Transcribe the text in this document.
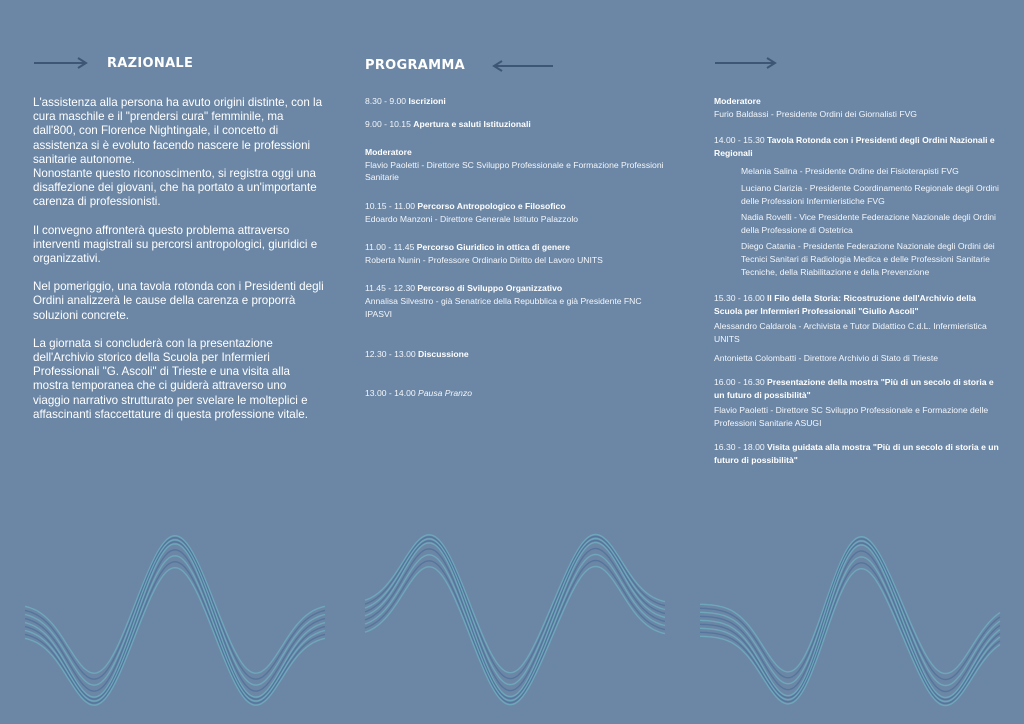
RAZIONALE	PROGRAMMA

L'assistenza alla persona ha avuto origini distinte, con la cura maschile e il "prendersi cura" femminile, ma dall'800, con Florence Nightingale, il concetto di assistenza si è evoluto facendo nascere le professioni sanitarie autonome.

Nonostante questo riconoscimento, si registra oggi una disaffezione dei giovani, che ha portato a un'importante carenza di professionisti.

Il convegno affronterà questo problema attraverso interventi magistrali su percorsi antropologici, giuridici e organizzativi.

Nel pomeriggio, una tavola rotonda con i Presidenti degli Ordini analizzerà le cause della carenza e proporrà soluzioni concrete.

La giornata si concluderà con la presentazione dell'Archivio storico della Scuola per Infermieri Professionali "G. Ascoli" di Trieste e una visita alla mostra temporanea che ci guiderà attraverso uno viaggio narrativo strutturato per svelare le molteplici e affascinanti sfaccettature di questa professione vitale.

8.30 - 9.00 Iscrizioni
9.00 - 10.15 Apertura e saluti Istituzionali
Moderatore
Flavio Paoletti - Direttore SC Sviluppo Professionale e Formazione Professioni Sanitarie
10.15 - 11.00 Percorso Antropologico e Filosofico
Edoardo Manzoni - Direttore Generale Istituto Palazzolo
11.00 - 11.45 Percorso Giuridico in ottica di genere
Roberta Nunin - Professore Ordinario Diritto del Lavoro UNITS
11.45 - 12.30 Percorso di Sviluppo Organizzativo
Annalisa Silvestro - già Senatrice della Repubblica e già Presidente FNC IPASVI
12.30 - 13.00 Discussione
13.00 - 14.00 Pausa Pranzo
Moderatore
Furio Baldassi - Presidente Ordini dei Giornalisti FVG
14.00 - 15.30 Tavola Rotonda con i Presidenti degli Ordini Nazionali e Regionali
Melania Salina - Presidente Ordine dei Fisioterapisti FVG
Luciano Clarizia - Presidente Coordinamento Regionale degli Ordini delle Professioni Infermieristiche FVG
Nadia Rovelli - Vice Presidente Federazione Nazionale degli Ordini della Professione di Ostetrica
Diego Catania - Presidente Federazione Nazionale degli Ordini dei Tecnici Sanitari di Radiologia Medica e delle Professioni Sanitarie Tecniche, della Riabilitazione e della Prevenzione
15.30 - 16.00 Il Filo della Storia: Ricostruzione dell'Archivio della Scuola per Infermieri Professionali "Giulio Ascoli"
Alessandro Caldarola - Archivista e Tutor Didattico C.d.L. Infermieristica UNITS
Antonietta Colombatti - Direttore Archivio di Stato di Trieste
16.00 - 16.30 Presentazione della mostra "Più di un secolo di storia e un futuro di possibilità"
Flavio Paoletti - Direttore SC Sviluppo Professionale e Formazione delle Professioni Sanitarie ASUGI
16.30 - 18.00 Visita guidata alla mostra "Più di un secolo di storia e un futuro di possibilità"
